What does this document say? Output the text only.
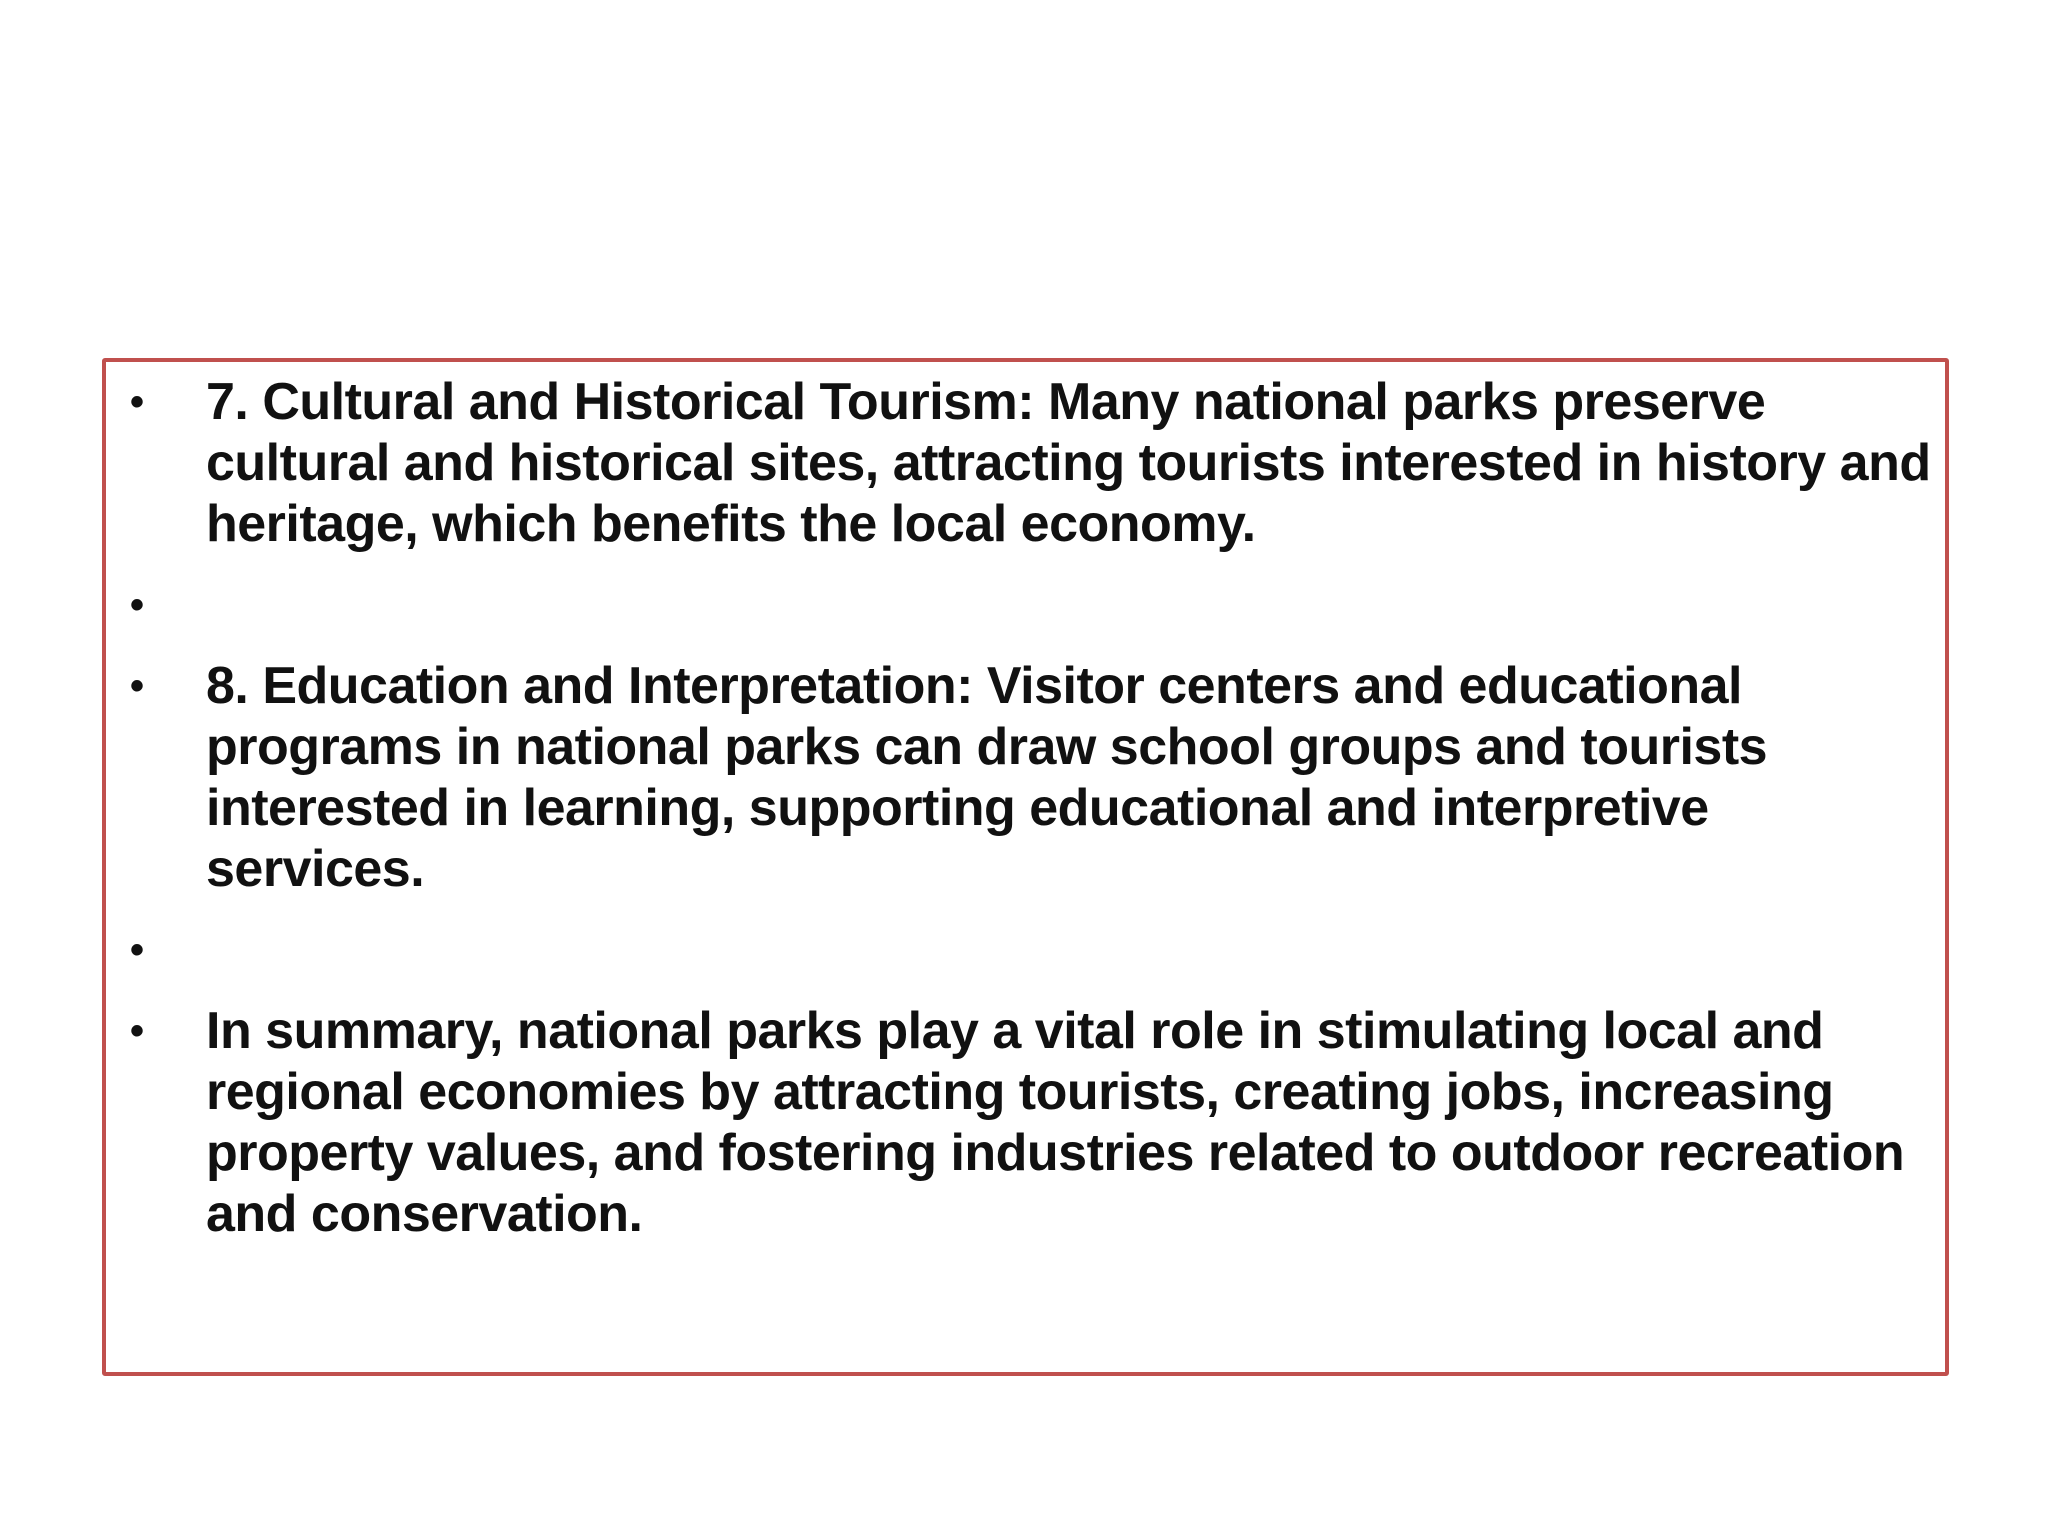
•	7. Cultural and Historical Tourism: Many national parks preserve cultural and historical sites, attracting tourists interested in history and heritage, which benefits the local economy.
•
•	8. Education and Interpretation: Visitor centers and educational programs in national parks can draw school groups and tourists interested in learning, supporting educational and interpretive services.
•
•	In summary, national parks play a vital role in stimulating local and regional economies by attracting tourists, creating jobs, increasing property values, and fostering industries related to outdoor recreation and conservation.
